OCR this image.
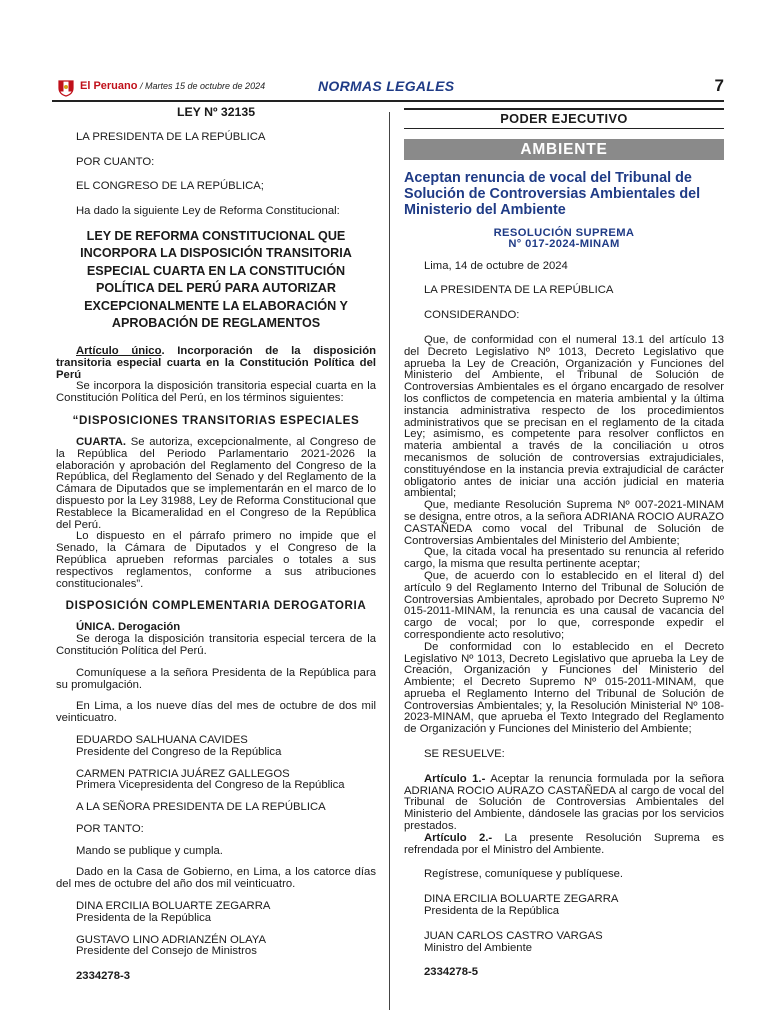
El Peruano / Martes 15 de octubre de 2024	NORMAS LEGALES	7

LEY Nº 32135

LA PRESIDENTA DE LA REPÚBLICA

POR CUANTO:

EL CONGRESO DE LA REPÚBLICA;

Ha dado la siguiente Ley de Reforma Constitucional:

LEY DE REFORMA CONSTITUCIONAL QUE INCORPORA LA DISPOSICIÓN TRANSITORIA ESPECIAL CUARTA EN LA CONSTITUCIÓN POLÍTICA DEL PERÚ PARA AUTORIZAR EXCEPCIONALMENTE LA ELABORACIÓN Y APROBACIÓN DE REGLAMENTOS

Artículo único. Incorporación de la disposición transitoria especial cuarta en la Constitución Política del Perú

Se incorpora la disposición transitoria especial cuarta en la Constitución Política del Perú, en los términos siguientes:

“DISPOSICIONES TRANSITORIAS ESPECIALES

CUARTA. Se autoriza, excepcionalmente, al Congreso de la República del Periodo Parlamentario 2021-2026 la elaboración y aprobación del Reglamento del Congreso de la República, del Reglamento del Senado y del Reglamento de la Cámara de Diputados que se implementarán en el marco de lo dispuesto por la Ley 31988, Ley de Reforma Constitucional que Restablece la Bicameralidad en el Congreso de la República del Perú.

Lo dispuesto en el párrafo primero no impide que el Senado, la Cámara de Diputados y el Congreso de la República aprueben reformas parciales o totales a sus respectivos reglamentos, conforme a sus atribuciones constitucionales”.

DISPOSICIÓN COMPLEMENTARIA DEROGATORIA

ÚNICA. Derogación

Se deroga la disposición transitoria especial tercera de la Constitución Política del Perú.

Comuníquese a la señora Presidenta de la República para su promulgación.

En Lima, a los nueve días del mes de octubre de dos mil veinticuatro.

EDUARDO SALHUANA CAVIDES

Presidente del Congreso de la República

CARMEN PATRICIA JUÁREZ GALLEGOS

Primera Vicepresidenta del Congreso de la República

A LA SEÑORA PRESIDENTA DE LA REPÚBLICA

POR TANTO:

Mando se publique y cumpla.

Dado en la Casa de Gobierno, en Lima, a los catorce días del mes de octubre del año dos mil veinticuatro.

DINA ERCILIA BOLUARTE ZEGARRA

Presidenta de la República

GUSTAVO LINO ADRIANZÉN OLAYA

Presidente del Consejo de Ministros

2334278-3

PODER EJECUTIVO

AMBIENTE

Aceptan renuncia de vocal del Tribunal de Solución de Controversias Ambientales del Ministerio del Ambiente

RESOLUCIÓN SUPREMA

N° 017-2024-MINAM

Lima, 14 de octubre de 2024

LA PRESIDENTA DE LA REPÚBLICA

CONSIDERANDO:

Que, de conformidad con el numeral 13.1 del artículo 13 del Decreto Legislativo Nº 1013, Decreto Legislativo que aprueba la Ley de Creación, Organización y Funciones del Ministerio del Ambiente, el Tribunal de Solución de Controversias Ambientales es el órgano encargado de resolver los conflictos de competencia en materia ambiental y la última instancia administrativa respecto de los procedimientos administrativos que se precisan en el reglamento de la citada Ley; asimismo, es competente para resolver conflictos en materia ambiental a través de la conciliación u otros mecanismos de solución de controversias extrajudiciales, constituyéndose en la instancia previa extrajudicial de carácter obligatorio antes de iniciar una acción judicial en materia ambiental;

Que, mediante Resolución Suprema Nº 007-2021-MINAM se designa, entre otros, a la señora ADRIANA ROCIO AURAZO CASTAÑEDA como vocal del Tribunal de Solución de Controversias Ambientales del Ministerio del Ambiente;

Que, la citada vocal ha presentado su renuncia al referido cargo, la misma que resulta pertinente aceptar;

Que, de acuerdo con lo establecido en el literal d) del artículo 9 del Reglamento Interno del Tribunal de Solución de Controversias Ambientales, aprobado por Decreto Supremo Nº 015-2011-MINAM, la renuncia es una causal de vacancia del cargo de vocal; por lo que, corresponde expedir el correspondiente acto resolutivo;

De conformidad con lo establecido en el Decreto Legislativo Nº 1013, Decreto Legislativo que aprueba la Ley de Creación, Organización y Funciones del Ministerio del Ambiente; el Decreto Supremo Nº 015-2011-MINAM, que aprueba el Reglamento Interno del Tribunal de Solución de Controversias Ambientales; y, la Resolución Ministerial Nº 108-2023-MINAM, que aprueba el Texto Integrado del Reglamento de Organización y Funciones del Ministerio del Ambiente;

SE RESUELVE:

Artículo 1.- Aceptar la renuncia formulada por la señora ADRIANA ROCIO AURAZO CASTAÑEDA al cargo de vocal del Tribunal de Solución de Controversias Ambientales del Ministerio del Ambiente, dándosele las gracias por los servicios prestados.

Artículo 2.- La presente Resolución Suprema es refrendada por el Ministro del Ambiente.

Regístrese, comuníquese y publíquese.

DINA ERCILIA BOLUARTE ZEGARRA

Presidenta de la República

JUAN CARLOS CASTRO VARGAS

Ministro del Ambiente

2334278-5
